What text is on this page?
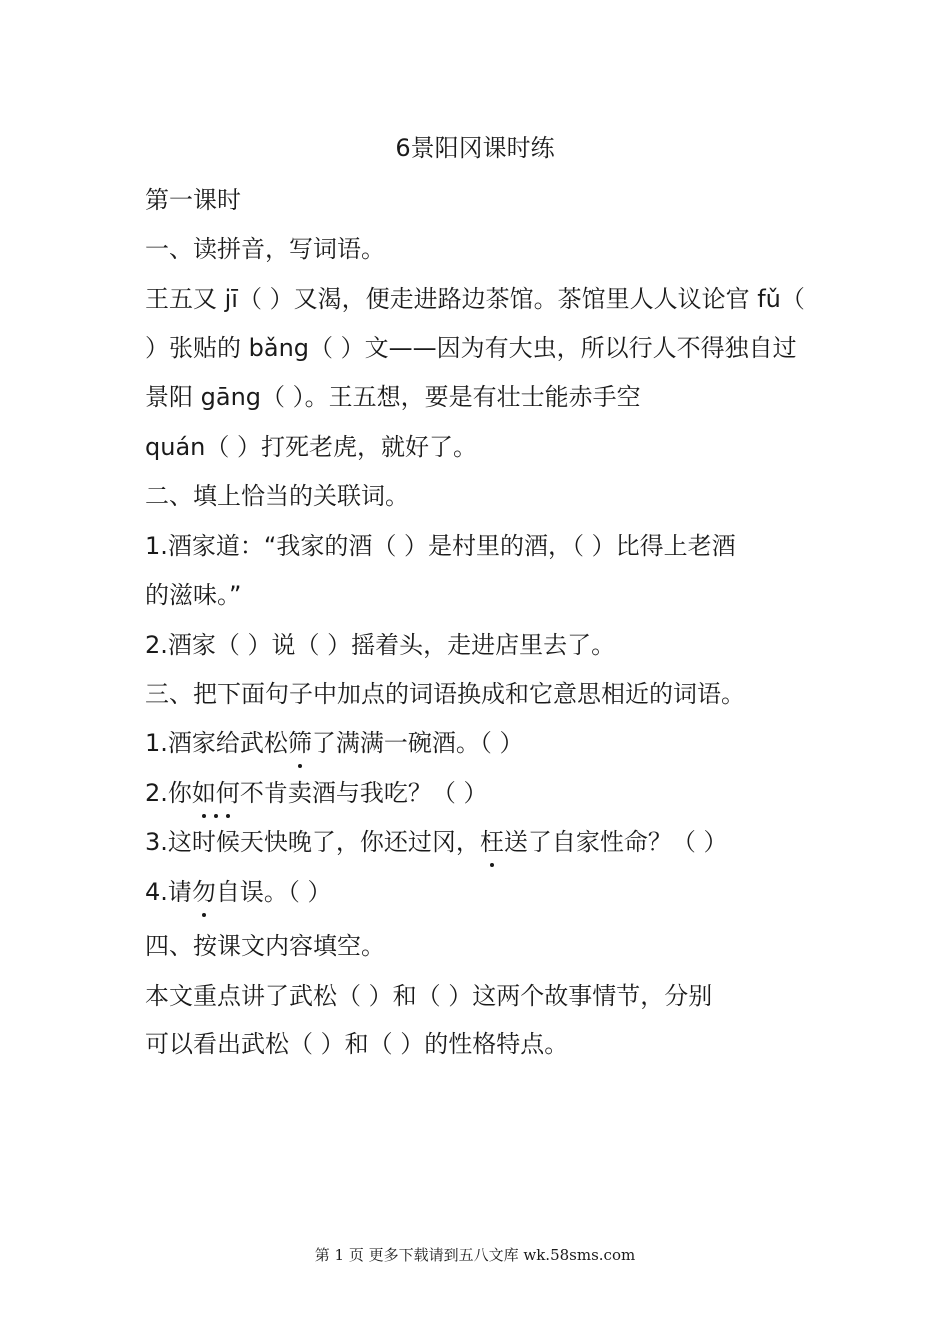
6景阳冈课时练
第一课时
一、读拼音，写词语。
王五又 jī（ ）又渴，便走进路边茶馆。茶馆里人人议论官 fǔ（
）张贴的 bǎng（ ）文——因为有大虫，所以行人不得独自过
景阳 gāng（ ）。王五想，要是有壮士能赤手空
quán（ ）打死老虎，就好了。
二、填上恰当的关联词。
1.酒家道：“我家的酒（ ）是村里的酒，（ ）比得上老酒
的滋味。”
2.酒家（ ）说（ ）摇着头，走进店里去了。
三、把下面句子中加点的词语换成和它意思相近的词语。
1.酒家给武松筛了满满一碗酒。（ ）
2.你如何不肯卖酒与我吃？（ ）
3.这时候天快晚了，你还过冈，枉送了自家性命？（ ）
4.请勿自误。（ ）
四、按课文内容填空。
本文重点讲了武松（ ）和（ ）这两个故事情节，分别
可以看出武松（ ）和（ ）的性格特点。
第 1 页 更多下载请到五八文库 wk.58sms.com
